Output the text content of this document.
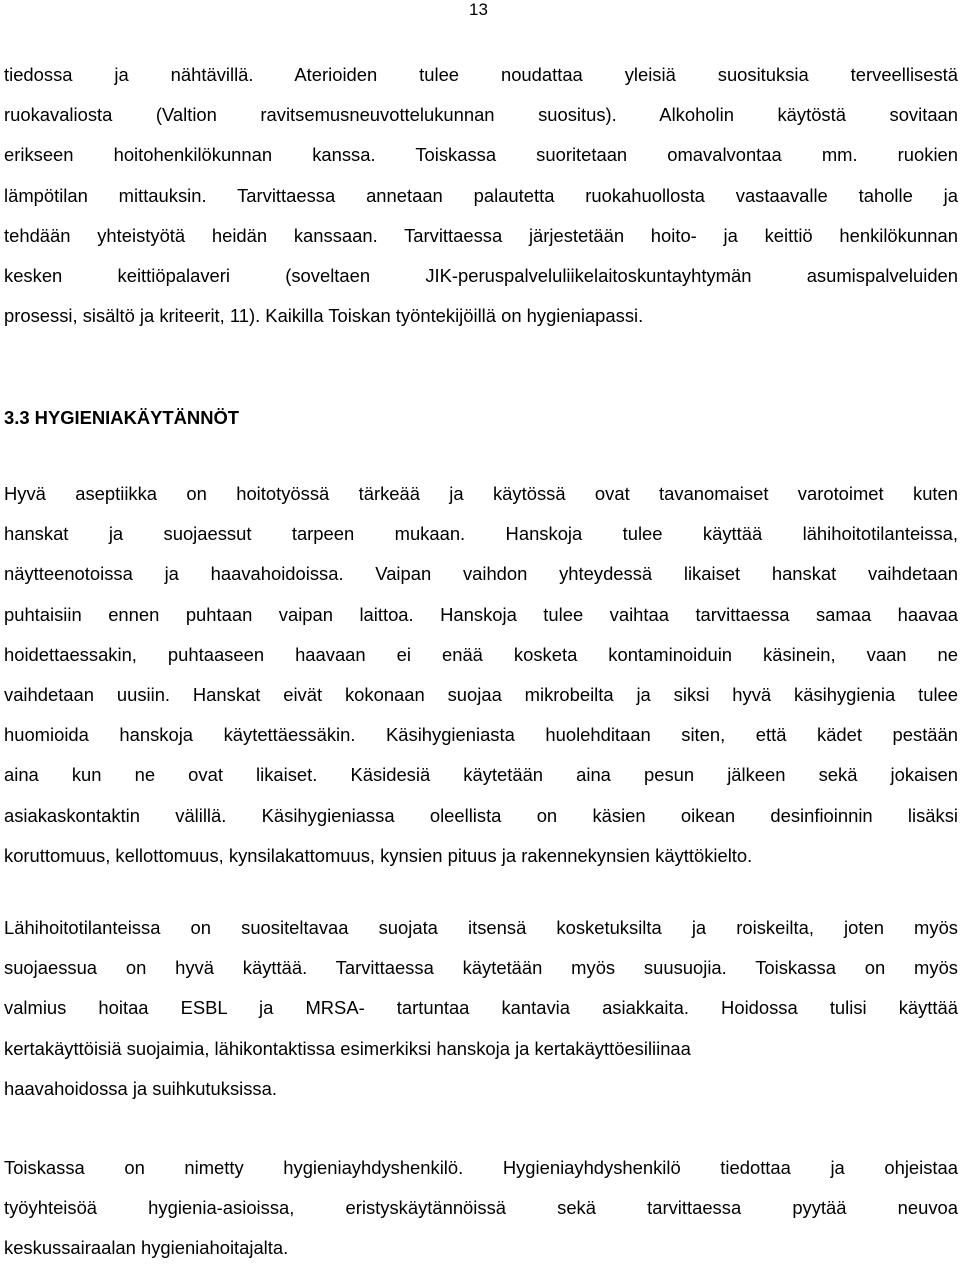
13
tiedossa ja nähtävillä. Aterioiden tulee noudattaa yleisiä suosituksia terveellisestä
ruokavaliosta (Valtion ravitsemusneuvottelukunnan suositus). Alkoholin käytöstä sovitaan
erikseen hoitohenkilökunnan kanssa. Toiskassa suoritetaan omavalvontaa mm. ruokien
lämpötilan mittauksin. Tarvittaessa annetaan palautetta ruokahuollosta vastaavalle taholle ja
tehdään yhteistyötä heidän kanssaan. Tarvittaessa järjestetään hoito- ja keittiö henkilökunnan
kesken keittiöpalaveri (soveltaen JIK-peruspalveluliikelaitoskuntayhtymän asumispalveluiden
prosessi, sisältö ja kriteerit, 11). Kaikilla Toiskan työntekijöillä on hygieniapassi.
3.3 HYGIENIAKÄYTÄNNÖT
Hyvä aseptiikka on hoitotyössä tärkeää ja käytössä ovat tavanomaiset varotoimet kuten
hanskat ja suojaessut tarpeen mukaan. Hanskoja tulee käyttää lähihoitotilanteissa,
näytteenotoissa ja haavahoidoissa. Vaipan vaihdon yhteydessä likaiset hanskat vaihdetaan
puhtaisiin ennen puhtaan vaipan laittoa. Hanskoja tulee vaihtaa tarvittaessa samaa haavaa
hoidettaessakin, puhtaaseen haavaan ei enää kosketa kontaminoiduin käsinein, vaan ne
vaihdetaan uusiin. Hanskat eivät kokonaan suojaa mikrobeilta ja siksi hyvä käsihygienia tulee
huomioida hanskoja käytettäessäkin. Käsihygieniasta huolehditaan siten, että kädet pestään
aina kun ne ovat likaiset. Käsidesiä käytetään aina pesun jälkeen sekä jokaisen
asiakaskontaktin välillä. Käsihygieniassa oleellista on käsien oikean desinfioinnin lisäksi
koruttomuus, kellottomuus, kynsilakattomuus, kynsien pituus ja rakennekynsien käyttökielto.
Lähihoitotilanteissa on suositeltavaa suojata itsensä kosketuksilta ja roiskeilta, joten myös
suojaessua on hyvä käyttää. Tarvittaessa käytetään myös suusuojia. Toiskassa on myös
valmius hoitaa ESBL ja MRSA- tartuntaa kantavia asiakkaita. Hoidossa tulisi käyttää
kertakäyttöisiä suojaimia, lähikontaktissa esimerkiksi hanskoja ja kertakäyttöesiliinaa
haavahoidossa ja suihkutuksissa.
Toiskassa on nimetty hygieniayhdyshenkilö. Hygieniayhdyshenkilö tiedottaa ja ohjeistaa
työyhteisöä hygienia-asioissa, eristyskäytännöissä sekä tarvittaessa pyytää neuvoa
keskussairaalan hygieniahoitajalta.
